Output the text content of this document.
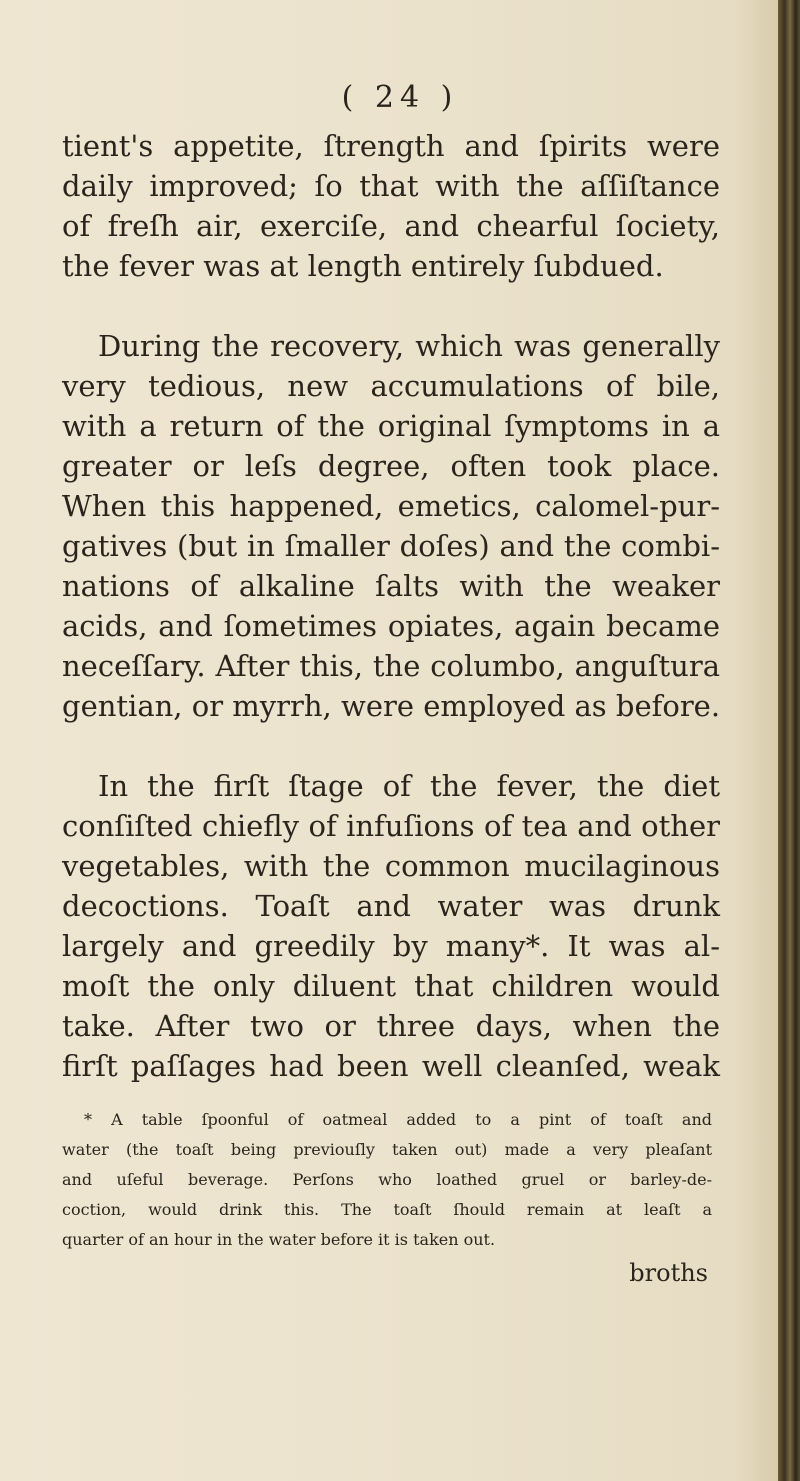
( 24 )
tient's appetite, ſtrength and ſpirits were
daily improved; ſo that with the aſſiſtance
of freſh air, exerciſe, and chearful ſociety,
the fever was at length entirely ſubdued.
During the recovery, which was generally
very tedious, new accumulations of bile,
with a return of the original ſymptoms in a
greater or leſs degree, often took place.
When this happened, emetics, calomel-pur-
gatives (but in ſmaller doſes) and the combi-
nations of alkaline ſalts with the weaker
acids, and ſometimes opiates, again became
neceſſary. After this, the columbo, anguſtura
gentian, or myrrh, were employed as before.
In the firſt ſtage of the fever, the diet
conſiſted chiefly of infuſions of tea and other
vegetables, with the common mucilaginous
decoctions. Toaſt and water was drunk
largely and greedily by many*. It was al-
moſt the only diluent that children would
take. After two or three days, when the
firſt paſſages had been well cleanſed, weak
* A table ſpoonful of oatmeal added to a pint of toaſt and
water (the toaſt being previouſly taken out) made a very pleaſant
and uſeful beverage. Perſons who loathed gruel or barley-de-
coction, would drink this. The toaſt ſhould remain at leaſt a
quarter of an hour in the water before it is taken out.
broths
